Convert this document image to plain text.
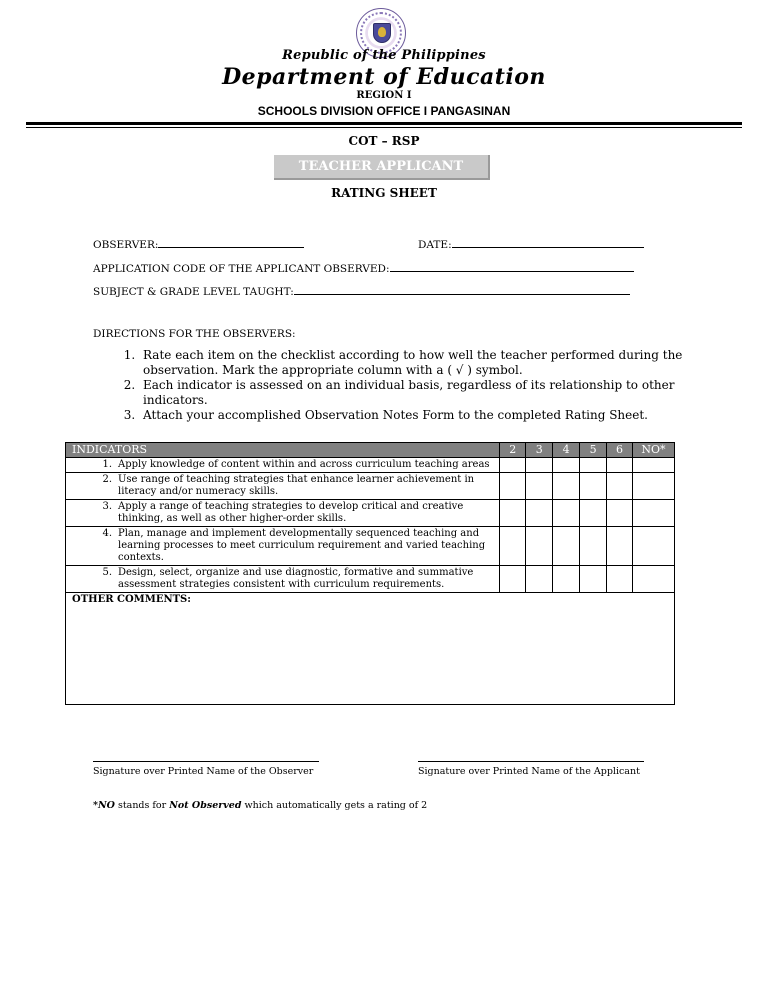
Republic of the Philippines
Department of Education
REGION I
SCHOOLS DIVISION OFFICE I PANGASINAN
COT – RSP
TEACHER APPLICANT
RATING SHEET
OBSERVER:	DATE:
APPLICATION CODE OF THE APPLICANT OBSERVED:
SUBJECT & GRADE LEVEL TAUGHT:
DIRECTIONS FOR THE OBSERVERS:
1. Rate each item on the checklist according to how well the teacher performed during the observation. Mark the appropriate column with a ( √ ) symbol.
2. Each indicator is assessed on an individual basis, regardless of its relationship to other indicators.
3. Attach your accomplished Observation Notes Form to the completed Rating Sheet.
INDICATORS	2	3	4	5	6	NO*

1. Apply knowledge of content within and across curriculum teaching areas						

2. Use range of teaching strategies that enhance learner achievement in literacy and/or numeracy skills.						

3. Apply a range of teaching strategies to develop critical and creative thinking, as well as other higher-order skills.						

4. Plan, manage and implement developmentally sequenced teaching and learning processes to meet curriculum requirement and varied teaching contexts.						

5. Design, select, organize and use diagnostic, formative and summative assessment strategies consistent with curriculum requirements.						

OTHER COMMENTS:						
Signature over Printed Name of the Observer	Signature over Printed Name of the Applicant
*NO stands for Not Observed which automatically gets a rating of 2
